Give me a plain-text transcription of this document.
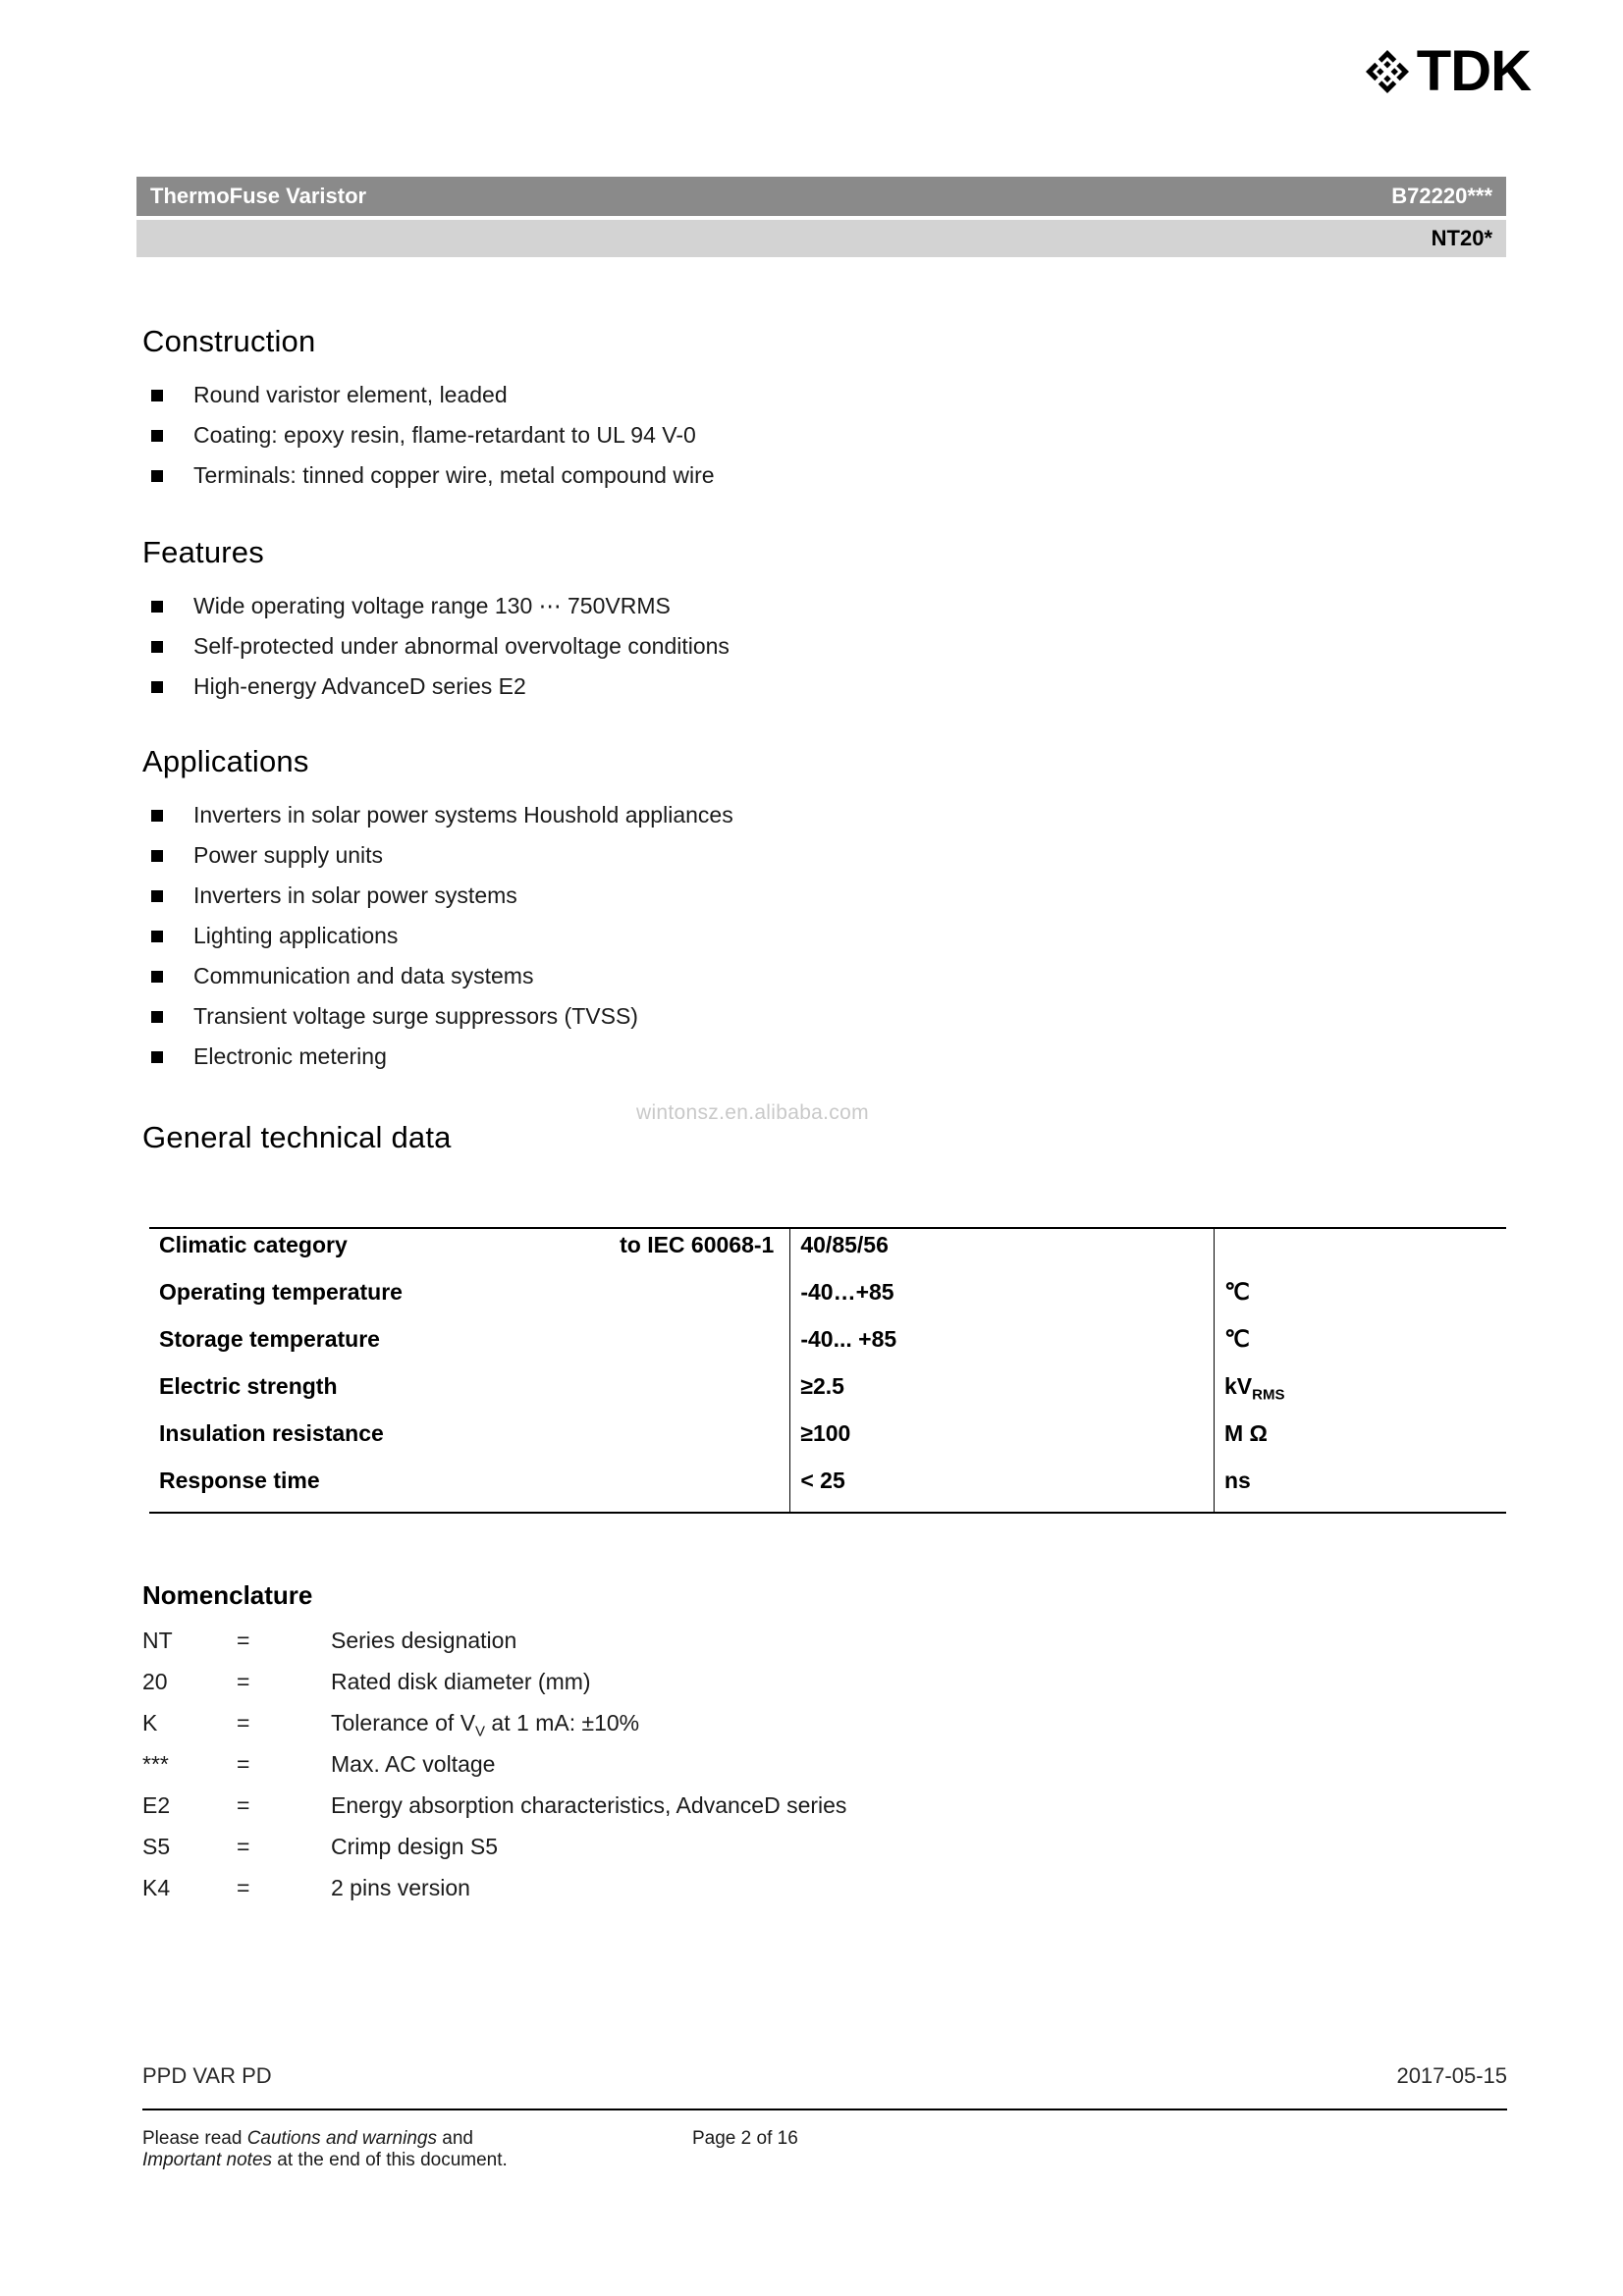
TDK
ThermoFuse Varistor	B72220***
NT20*
Construction
Round varistor element, leaded
Coating: epoxy resin, flame-retardant to UL 94 V-0
Terminals: tinned copper wire, metal compound wire
Features
Wide operating voltage range 130 ⋯ 750VRMS
Self-protected under abnormal overvoltage conditions
High-energy AdvanceD series E2
Applications
Inverters in solar power systems Houshold appliances
Power supply units
Inverters in solar power systems
Lighting applications
Communication and data systems
Transient voltage surge suppressors (TVSS)
Electronic metering
General technical data
wintonsz.en.alibaba.com
Climatic category to IEC 60068-1	40/85/56	

Operating temperature	-40…+85	℃

Storage temperature	-40... +85	℃

Electric strength	≥2.5	$kV_{RMS}$

Insulation resistance	≥100	M Ω

Response time	< 25	ns
Nomenclature
NT	=	Series designation
20	=	Rated disk diameter (mm)
K	=	Tolerance of $V_V$ at 1 mA: ±10%
***	=	Max. AC voltage
E2	=	Energy absorption characteristics, AdvanceD series
S5	=	Crimp design S5
K4	=	2 pins version
PPD VAR PD	2017-05-15
Please read Cautions and warnings and	Page 2 of 16
Important notes at the end of this document.
